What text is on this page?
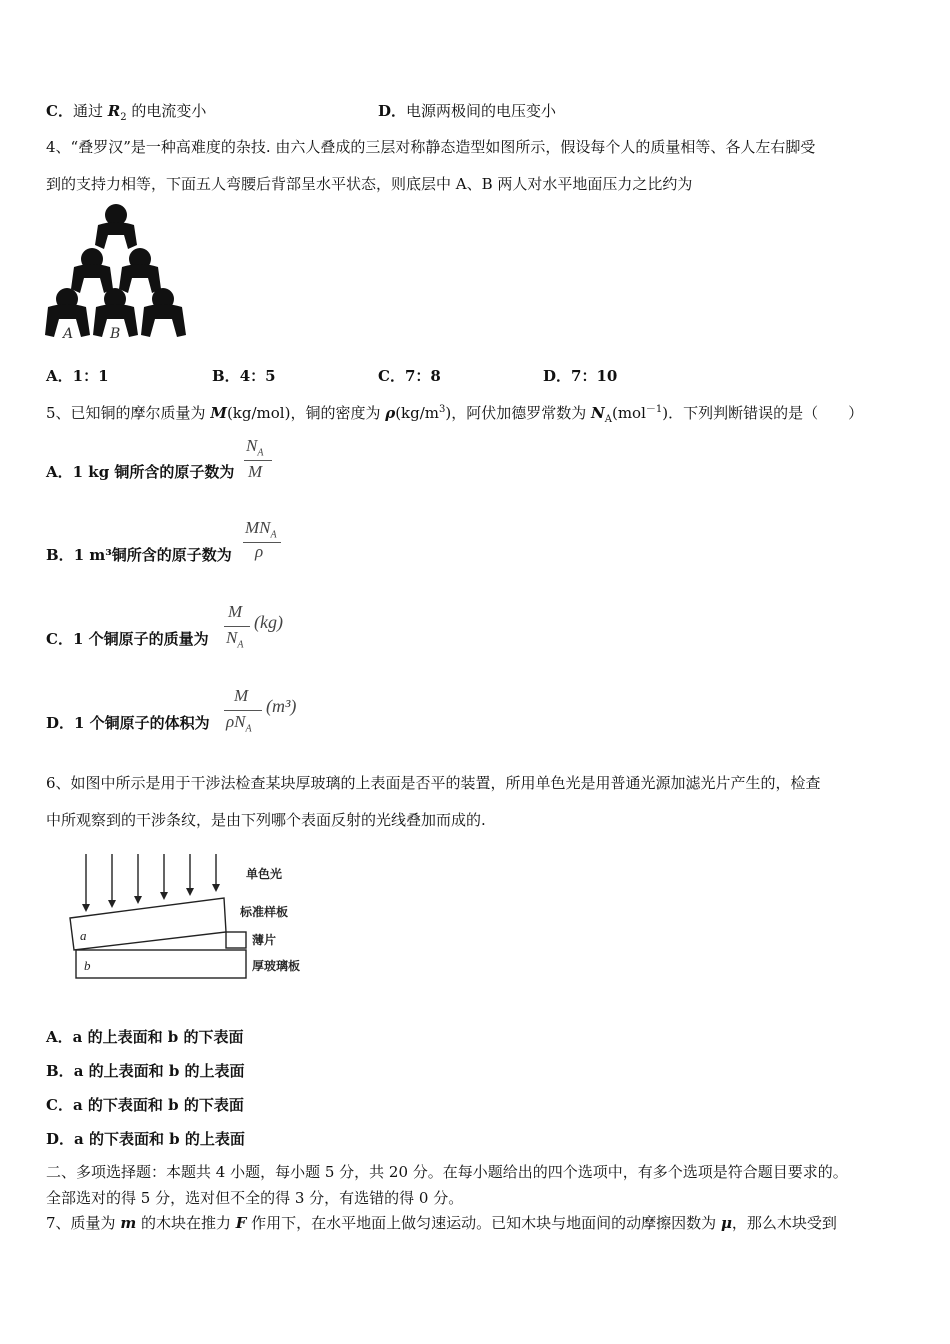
C．通过 $R_2$ 的电流变小	D．电源两极间的电压变小
4、“叠罗汉”是一种高难度的杂技. 由六人叠成的三层对称静态造型如图所示，假设每个人的质量相等、各人左右脚受
到的支持力相等，下面五人弯腰后背部呈水平状态，则底层中 A、B 两人对水平地面压力之比约为
A	B
A．1：1	B．4：5	C．7：8	D．7：10
5、已知铜的摩尔质量为 M(kg/mol)，铜的密度为 $\rho(kg/m^3)$，阿伏加德罗常数为 $N_A(mol^{-1})$．下列判断错误的是（　　）
A．1 kg 铜所含的原子数为
$N_A$
M
B．1 m³铜所含的原子数为
$MN_A$
ρ
C．1 个铜原子的质量为
M
$N_A$
(kg)
D．1 个铜原子的体积为
M
$\rho N_A$
(m³)
6、如图中所示是用于干涉法检查某块厚玻璃的上表面是否平的装置，所用单色光是用普通光源加滤光片产生的，检查
中所观察到的干涉条纹，是由下列哪个表面反射的光线叠加而成的.
单色光
标准样板
薄片
厚玻璃板
a
b
A．a 的上表面和 b 的下表面
B．a 的上表面和 b 的上表面
C．a 的下表面和 b 的下表面
D．a 的下表面和 b 的上表面
二、多项选择题：本题共 4 小题，每小题 5 分，共 20 分。在每小题给出的四个选项中，有多个选项是符合题目要求的。
全部选对的得 5 分，选对但不全的得 3 分，有选错的得 0 分。
7、质量为 m 的木块在推力 F 作用下，在水平地面上做匀速运动。已知木块与地面间的动摩擦因数为 μ，那么木块受到
